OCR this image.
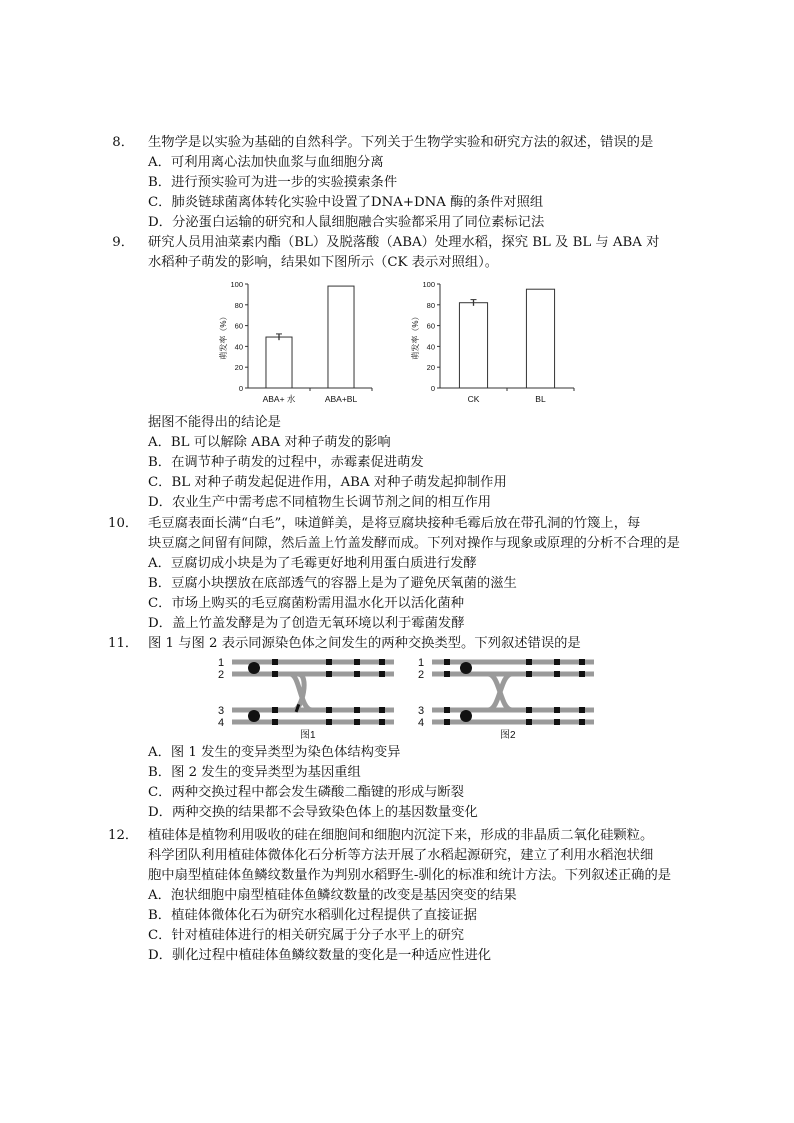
8． 生物学是以实验为基础的自然科学。下列关于生物学实验和研究方法的叙述，错误的是
A．可利用离心法加快血浆与血细胞分离
B．进行预实验可为进一步的实验摸索条件
C．肺炎链球菌离体转化实验中设置了DNA+DNA 酶的条件对照组
D．分泌蛋白运输的研究和人鼠细胞融合实验都采用了同位素标记法
9． 研究人员用油菜素内酯（BL）及脱落酸（ABA）处理水稻，探究 BL 及 BL 与 ABA 对
水稻种子萌发的影响，结果如下图所示（CK 表示对照组）。
据图不能得出的结论是
A．BL 可以解除 ABA 对种子萌发的影响
B．在调节种子萌发的过程中，赤霉素促进萌发
C．BL 对种子萌发起促进作用，ABA 对种子萌发起抑制作用
D．农业生产中需考虑不同植物生长调节剂之间的相互作用
萌发率（%）
0
20
40
60
80
100
ABA+ 水	ABA+BL
萌发率（%）
0
20
40
60
80
100
CK	BL
10． 毛豆腐表面长满“白毛”，味道鲜美，是将豆腐块接种毛霉后放在带孔洞的竹篾上，每
块豆腐之间留有间隙，然后盖上竹盖发酵而成。下列对操作与现象或原理的分析不合理的是
A．豆腐切成小块是为了毛霉更好地利用蛋白质进行发酵
B．豆腐小块摆放在底部透气的容器上是为了避免厌氧菌的滋生
C．市场上购买的毛豆腐菌粉需用温水化开以活化菌种
D．盖上竹盖发酵是为了创造无氧环境以利于霉菌发酵
11． 图 1 与图 2 表示同源染色体之间发生的两种交换类型。下列叙述错误的是
A．图 1 发生的变异类型为染色体结构变异
B．图 2 发生的变异类型为基因重组
C．两种交换过程中都会发生磷酸二酯键的形成与断裂
D．两种交换的结果都不会导致染色体上的基因数量变化
1
2
3
4
图1
1
2
3
4
图2
12． 植硅体是植物利用吸收的硅在细胞间和细胞内沉淀下来，形成的非晶质二氧化硅颗粒。
科学团队利用植硅体微体化石分析等方法开展了水稻起源研究，建立了利用水稻泡状细
胞中扇型植硅体鱼鳞纹数量作为判别水稻野生-驯化的标准和统计方法。下列叙述正确的是
A．泡状细胞中扇型植硅体鱼鳞纹数量的改变是基因突变的结果
B．植硅体微体化石为研究水稻驯化过程提供了直接证据
C．针对植硅体进行的相关研究属于分子水平上的研究
D．驯化过程中植硅体鱼鳞纹数量的变化是一种适应性进化
